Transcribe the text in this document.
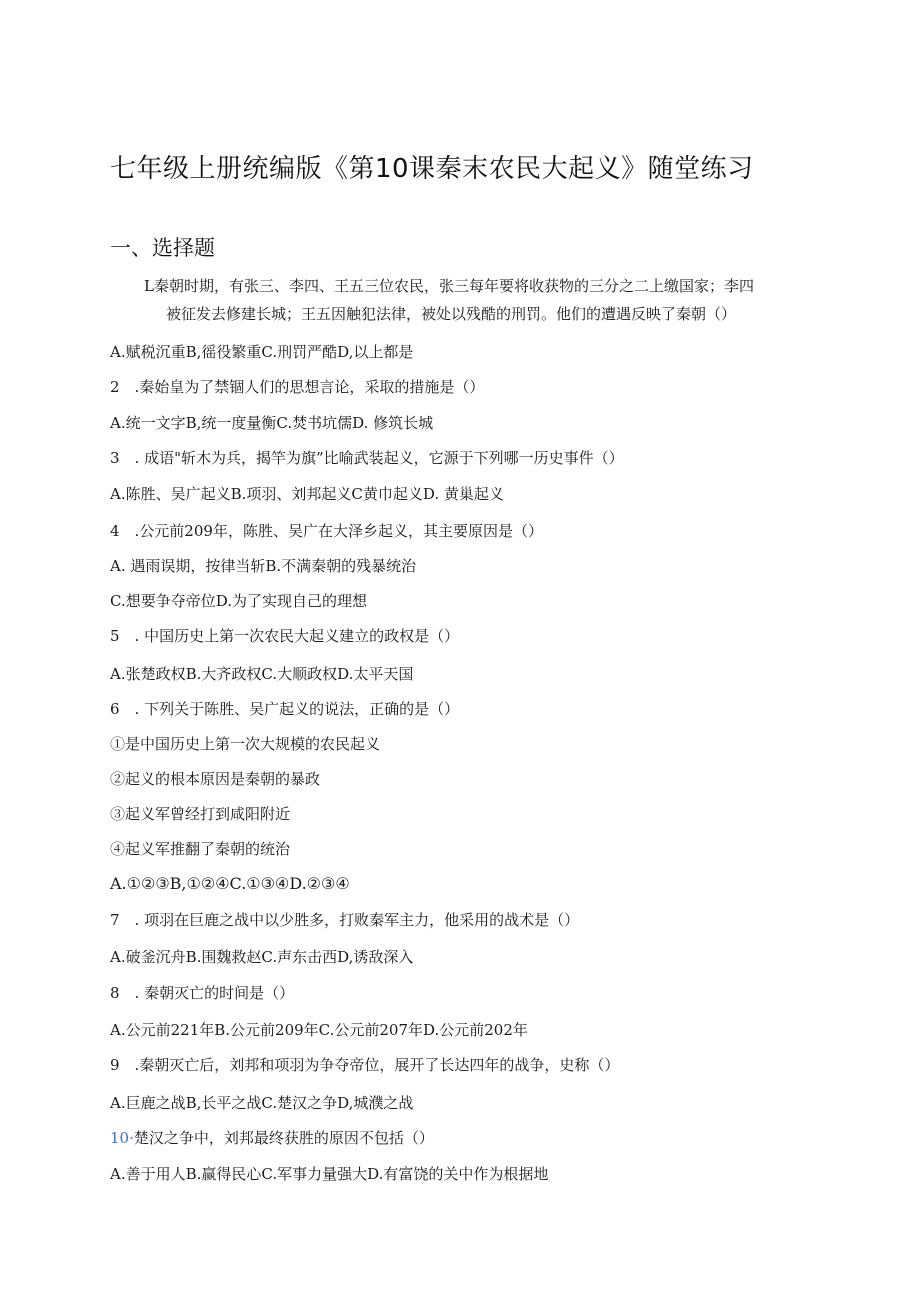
七年级上册统编版《第10课秦末农民大起义》随堂练习
一、选择题
L秦朝时期，有张三、李四、王五三位农民，张三每年要将收获物的三分之二上缴国家；李四
被征发去修建长城；王五因触犯法律，被处以残酷的刑罚。他们的遭遇反映了秦朝（）
A.赋税沉重B,徭役繁重C.刑罚严酷D,以上都是
2　.秦始皇为了禁锢人们的思想言论，采取的措施是（）
A.统一文字B,统一度量衡C.焚书坑儒D. 修筑长城
3　. 成语"斩木为兵，揭竿为旗”比喻武装起义，它源于下列哪一历史事件（）
A.陈胜、吴广起义B.项羽、刘邦起义C黄巾起义D. 黄巢起义
4　.公元前209年，陈胜、吴广在大泽乡起义，其主要原因是（）
A. 遇雨误期，按律当斩B.不满秦朝的残暴统治
C.想要争夺帝位D.为了实现自己的理想
5　. 中国历史上第一次农民大起义建立的政权是（）
A.张楚政权B.大齐政权C.大顺政权D.太平天国
6　. 下列关于陈胜、吴广起义的说法，正确的是（）
①是中国历史上第一次大规模的农民起义
②起义的根本原因是秦朝的暴政
③起义军曾经打到咸阳附近
④起义军推翻了秦朝的统治
A.①②③B,①②④C.①③④D.②③④
7　. 项羽在巨鹿之战中以少胜多，打败秦军主力，他采用的战术是（）
A.破釜沉舟B.围魏救赵C.声东击西D,诱敌深入
8　. 秦朝灭亡的时间是（）
A.公元前221年B.公元前209年C.公元前207年D.公元前202年
9　.秦朝灭亡后，刘邦和项羽为争夺帝位，展开了长达四年的战争，史称（）
A.巨鹿之战B,长平之战C.楚汉之争D,城濮之战
10·楚汉之争中，刘邦最终获胜的原因不包括（）
A.善于用人B.赢得民心C.军事力量强大D.有富饶的关中作为根据地
